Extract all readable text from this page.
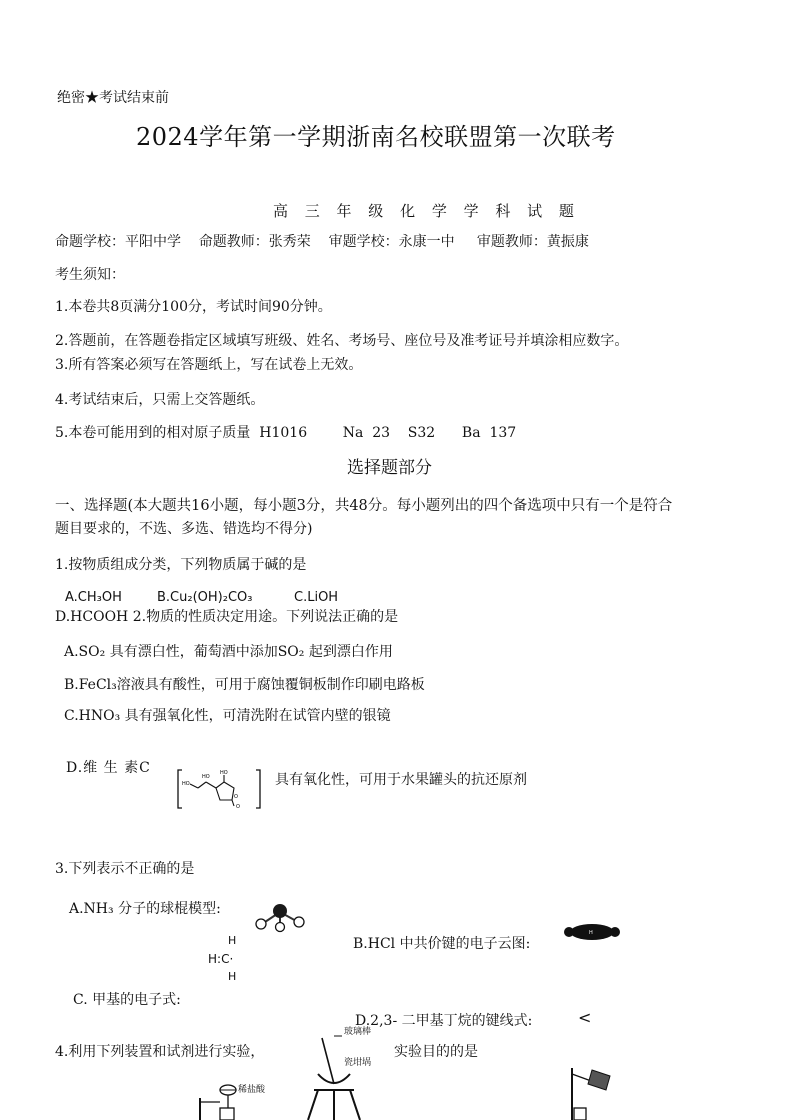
绝密★考试结束前
2024学年第一学期浙南名校联盟第一次联考
高 三 年 级 化 学 学 科 试 题
命题学校：平阳中学    命题教师：张秀荣    审题学校：永康一中     审题教师：黄振康
考生须知：
1.本卷共8页满分100分，考试时间90分钟。
2.答题前，在答题卷指定区域填写班级、姓名、考场号、座位号及准考证号并填涂相应数字。
3.所有答案必须写在答题纸上，写在试卷上无效。
4.考试结束后，只需上交答题纸。
5.本卷可能用到的相对原子质量  H1016        Na  23    S32      Ba  137
选择题部分
一、选择题(本大题共16小题，每小题3分，共48分。每小题列出的四个备选项中只有一个是符合
题目要求的，不选、多选、错选均不得分)
1.按物质组成分类，下列物质属于碱的是
A.CH₃OH	B.Cu₂(OH)₂CO₃	C.LiOH
D.HCOOH 2.物质的性质决定用途。下列说法正确的是
A.SO₂ 具有漂白性，葡萄酒中添加SO₂ 起到漂白作用
B.FeCl₃溶液具有酸性，可用于腐蚀覆铜板制作印刷电路板
C.HNO₃ 具有强氧化性，可清洗附在试管内壁的银镜
D.维 生 素C	HO
HO
HO
O
O
具有氧化性，可用于水果罐头的抗还原剂
3.下列表示不正确的是
A.NH₃ 分子的球棍模型:
H
H:C·
H
B.HCl 中共价键的电子云图:
H
C. 甲基的电子式:
D.2,3- 二甲基丁烷的键线式:	<
4.利用下列装置和试剂进行实验，	实验目的的是
玻璃棒
瓷坩埚
稀盐酸
